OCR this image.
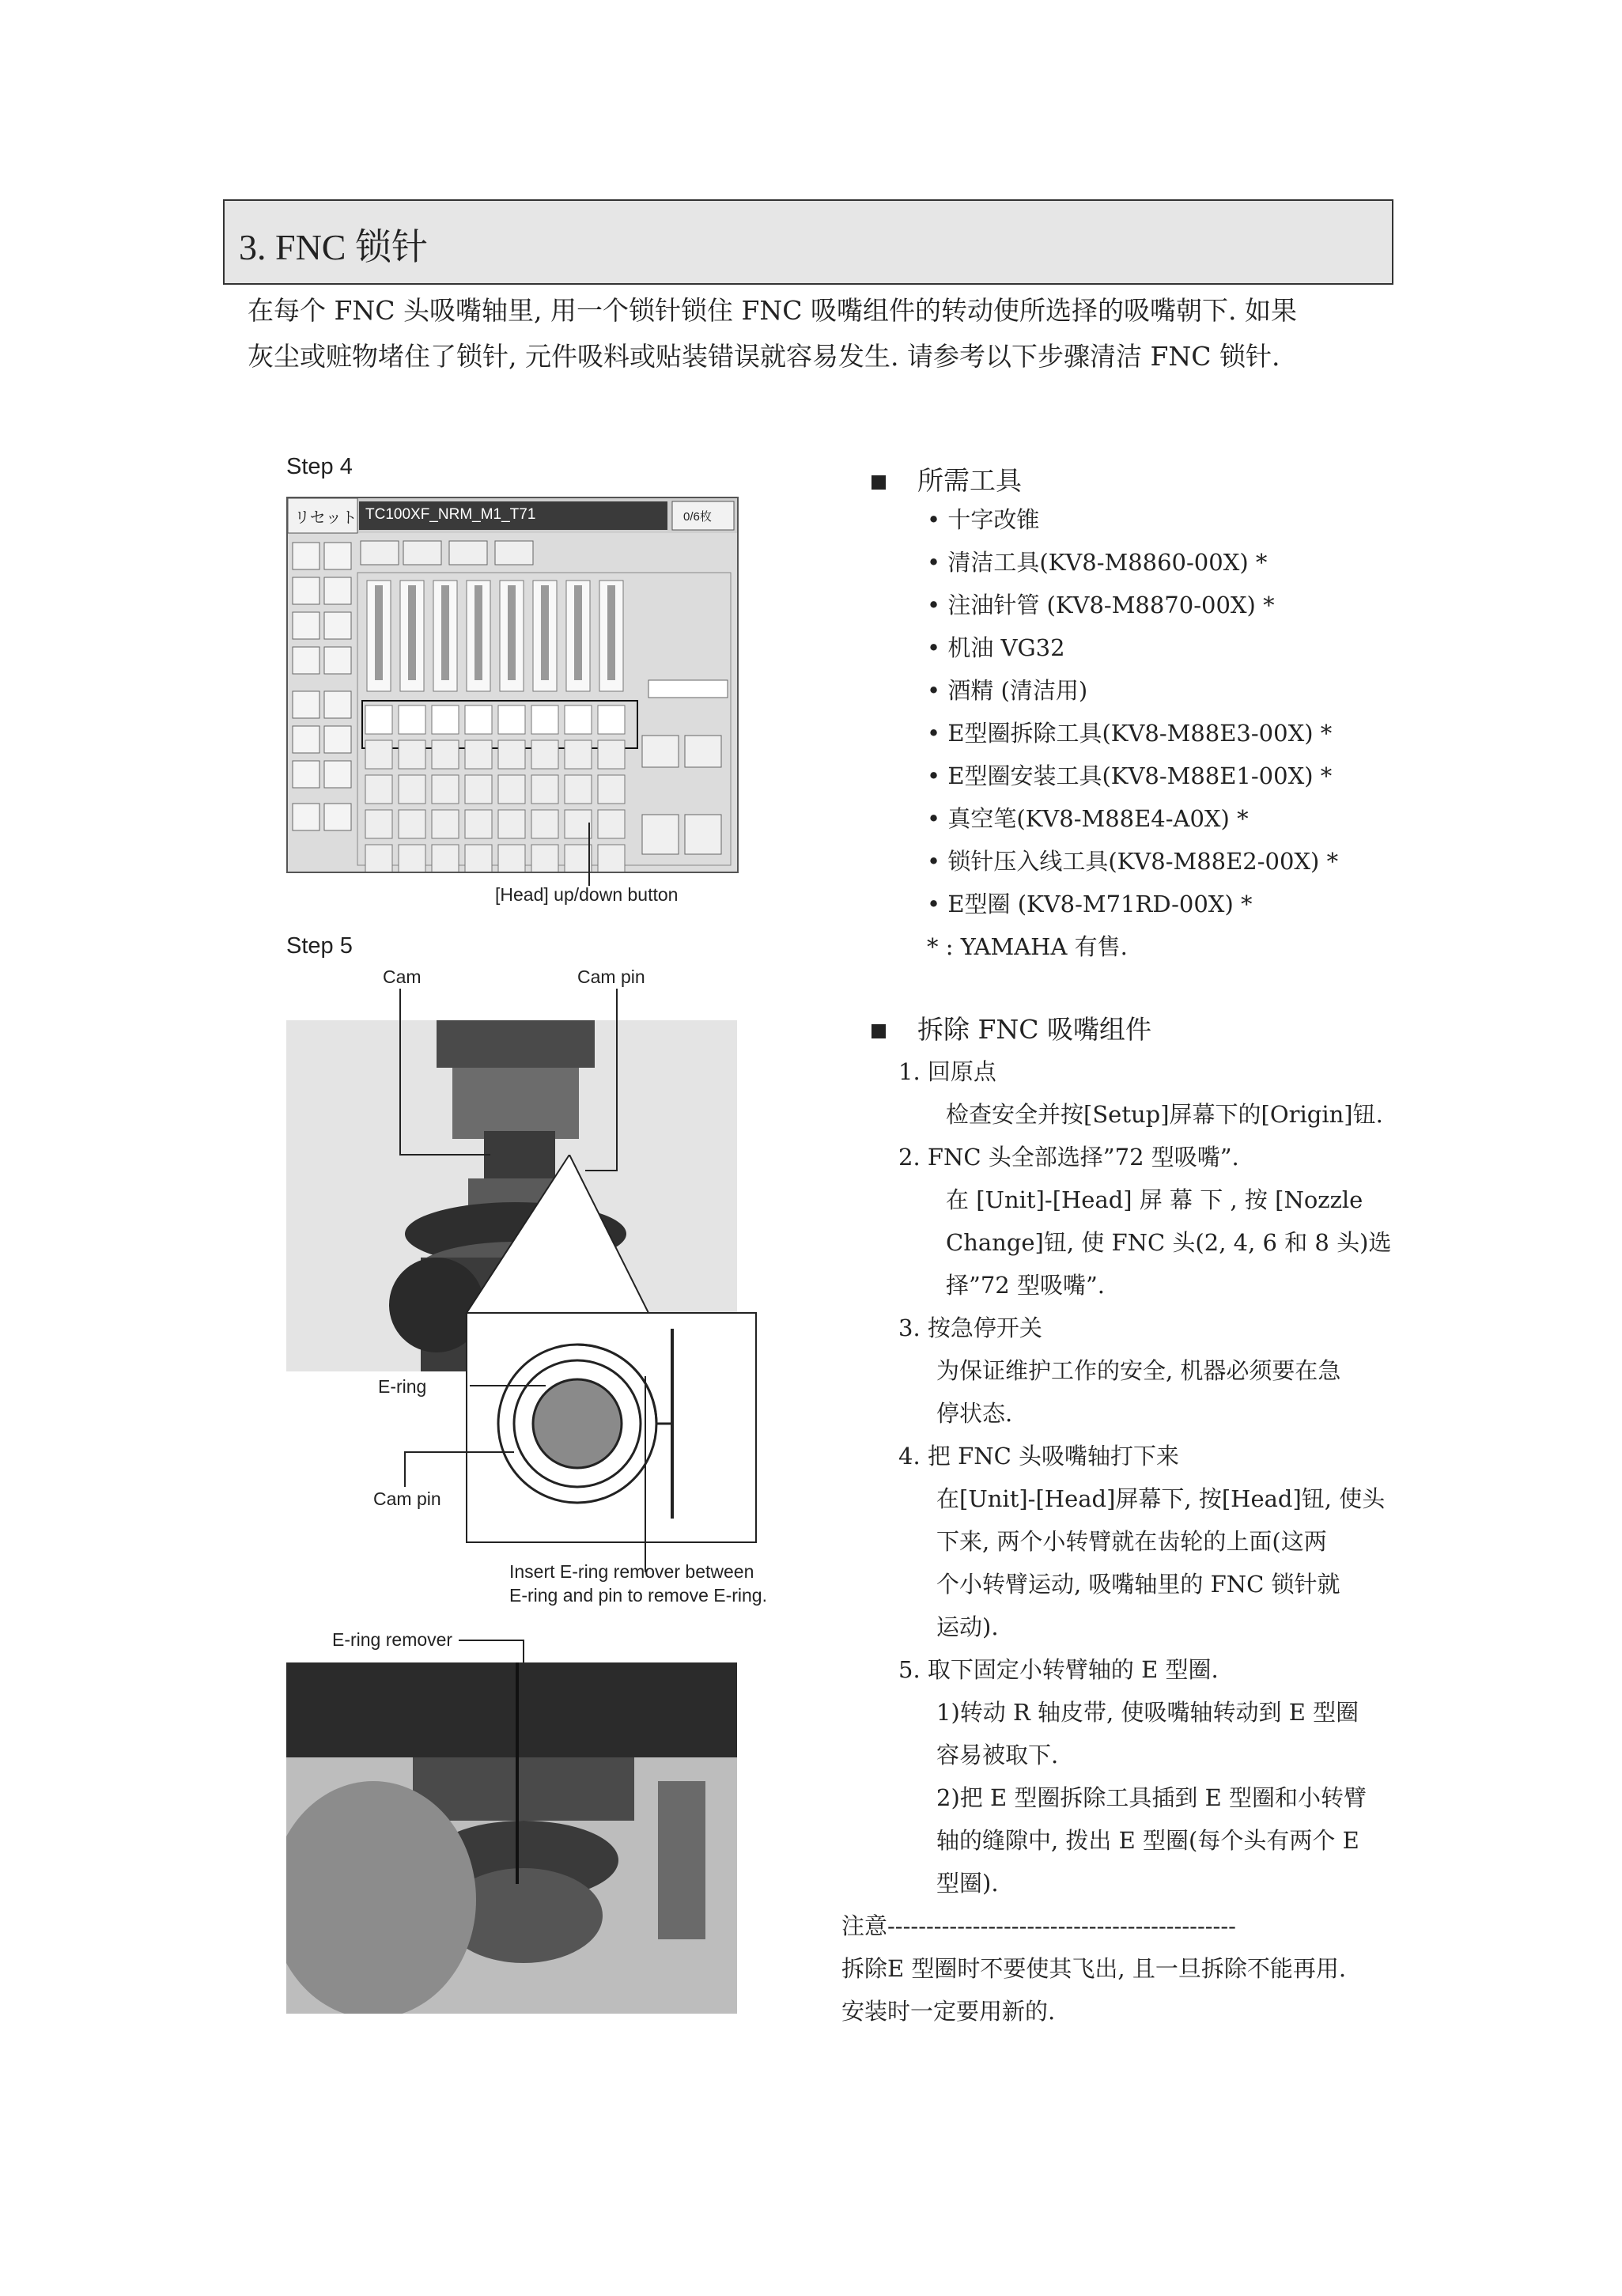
3. FNC 锁针
在每个 FNC 头吸嘴轴里, 用一个锁针锁住 FNC 吸嘴组件的转动使所选择的吸嘴朝下. 如果
灰尘或赃物堵住了锁针, 元件吸料或贴装错误就容易发生. 请参考以下步骤清洁 FNC 锁针.
Step 4
リセット TC100XF_NRM_M1_T71	0/6枚
[Head] up/down button
Step 5
Cam	Cam pin
E-ring
Cam pin
Insert E-ring remover between
E-ring and pin to remove E-ring.
E-ring remover
所需工具
• 十字改锥
• 清洁工具(KV8-M8860-00X) *
• 注油针管 (KV8-M8870-00X) *
• 机油 VG32
• 酒精 (清洁用)
• E型圈拆除工具(KV8-M88E3-00X) *
• E型圈安装工具(KV8-M88E1-00X) *
• 真空笔(KV8-M88E4-A0X) *
• 锁针压入线工具(KV8-M88E2-00X) *
• E型圈 (KV8-M71RD-00X) *
* : YAMAHA 有售.
拆除 FNC 吸嘴组件
1. 回原点
检查安全并按[Setup]屏幕下的[Origin]钮.
2. FNC 头全部选择”72 型吸嘴”.
在 [Unit]-[Head] 屏 幕 下 , 按 [Nozzle
Change]钮, 使 FNC 头(2, 4, 6 和 8 头)选
择”72 型吸嘴”.
3. 按急停开关
为保证维护工作的安全, 机器必须要在急
停状态.
4. 把 FNC 头吸嘴轴打下来
在[Unit]-[Head]屏幕下, 按[Head]钮, 使头
下来, 两个小转臂就在齿轮的上面(这两
个小转臂运动, 吸嘴轴里的 FNC 锁针就
运动).
5. 取下固定小转臂轴的 E 型圈.
1)转动 R 轴皮带, 使吸嘴轴转动到 E 型圈
容易被取下.
2)把 E 型圈拆除工具插到 E 型圈和小转臂
轴的缝隙中, 拨出 E 型圈(每个头有两个 E
型圈).
注意---------------------------------------------
拆除E 型圈时不要使其飞出, 且一旦拆除不能再用.
安装时一定要用新的.
